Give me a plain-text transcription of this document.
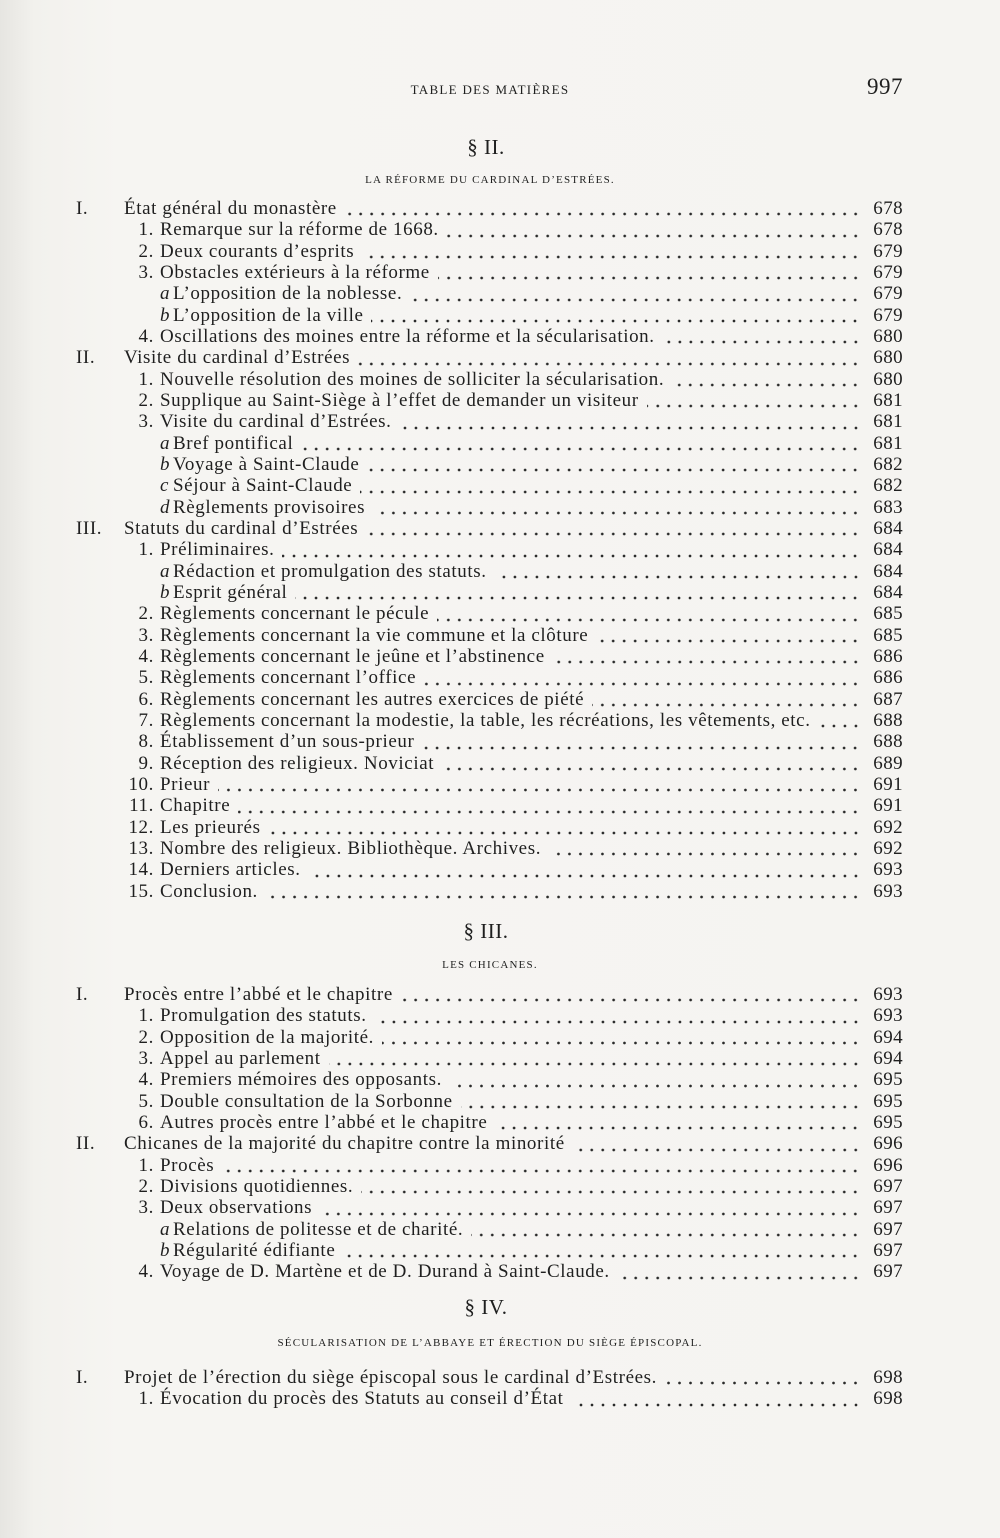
TABLE DES MATIÈRES	997
§ II.
LA RÉFORME DU CARDINAL D’ESTRÉES.
I.	État général du monastère	678
1. Remarque sur la réforme de 1668.	678
2. Deux courants d’esprits	679
3. Obstacles extérieurs à la réforme	679
a L’opposition de la noblesse.	679
b L’opposition de la ville	679
4. Oscillations des moines entre la réforme et la sécularisation.	680
II.	Visite du cardinal d’Estrées	680
1. Nouvelle résolution des moines de solliciter la sécularisation.	680
2. Supplique au Saint-Siège à l’effet de demander un visiteur	681
3. Visite du cardinal d’Estrées.	681
a Bref pontifical	681
b Voyage à Saint-Claude	682
c Séjour à Saint-Claude	682
d Règlements provisoires	683
III.	Statuts du cardinal d’Estrées	684
1. Préliminaires.	684
a Rédaction et promulgation des statuts.	684
b Esprit général	684
2. Règlements concernant le pécule	685
3. Règlements concernant la vie commune et la clôture	685
4. Règlements concernant le jeûne et l’abstinence	686
5. Règlements concernant l’office	686
6. Règlements concernant les autres exercices de piété	687
7. Règlements concernant la modestie, la table, les récréations, les vêtements, etc.	688
8. Établissement d’un sous-prieur	688
9. Réception des religieux. Noviciat	689
10. Prieur	691
11. Chapitre	691
12. Les prieurés	692
13. Nombre des religieux. Bibliothèque. Archives.	692
14. Derniers articles.	693
15. Conclusion.	693
§ III.
LES CHICANES.
I.	Procès entre l’abbé et le chapitre	693
1. Promulgation des statuts.	693
2. Opposition de la majorité.	694
3. Appel au parlement	694
4. Premiers mémoires des opposants.	695
5. Double consultation de la Sorbonne	695
6. Autres procès entre l’abbé et le chapitre	695
II.	Chicanes de la majorité du chapitre contre la minorité	696
1. Procès	696
2. Divisions quotidiennes.	697
3. Deux observations	697
a Relations de politesse et de charité.	697
b Régularité édifiante	697
4. Voyage de D. Martène et de D. Durand à Saint-Claude.	697
§ IV.
SÉCULARISATION DE L’ABBAYE ET ÉRECTION DU SIÈGE ÉPISCOPAL.
I.	Projet de l’érection du siège épiscopal sous le cardinal d’Estrées.	698
1. Évocation du procès des Statuts au conseil d’État	698
